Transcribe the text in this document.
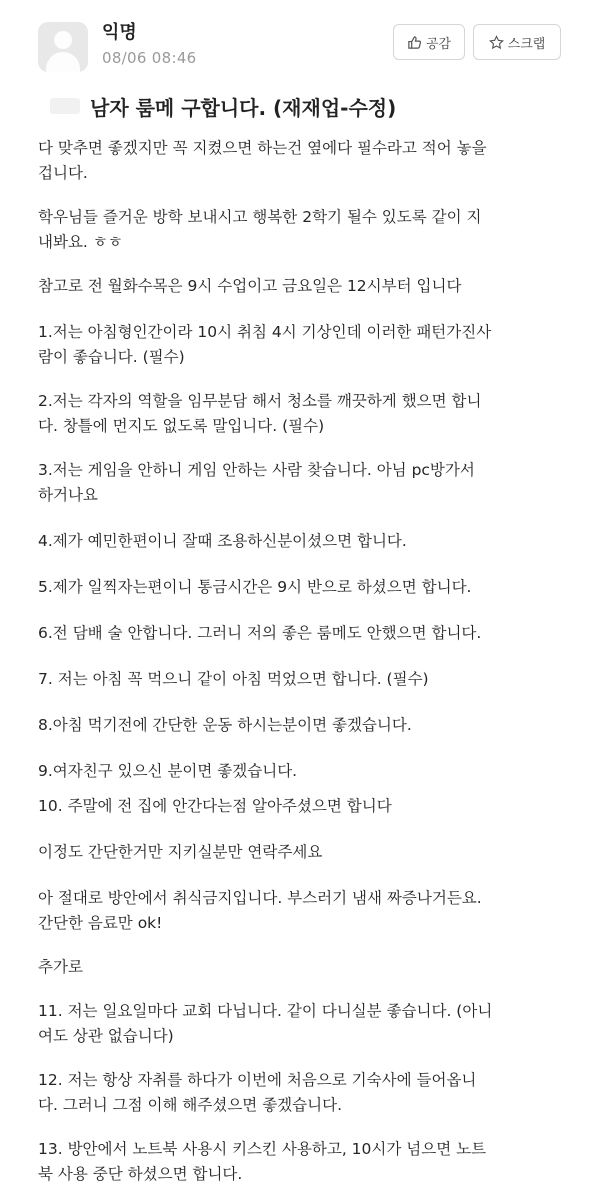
익명
08/06 08:46
공감	스크랩
남자 룸메 구합니다. (재재업-수정)

다 맞추면 좋겠지만 꼭 지켰으면 하는건 옆에다 필수라고 적어 놓을
겁니다.

학우님들 즐거운 방학 보내시고 행복한 2학기 될수 있도록 같이 지
내봐요. ㅎㅎ

참고로 전 월화수목은 9시 수업이고 금요일은 12시부터 입니다

1.저는 아침형인간이라 10시 취침 4시 기상인데 이러한 패턴가진사
람이 좋습니다. (필수)

2.저는 각자의 역할을 임무분담 해서 청소를 깨끗하게 했으면 합니
다. 창틀에 먼지도 없도록 말입니다. (필수)

3.저는 게임을 안하니 게임 안하는 사람 찾습니다. 아님 pc방가서
하거나요

4.제가 예민한편이니 잘때 조용하신분이셨으면 합니다.

5.제가 일찍자는편이니 통금시간은 9시 반으로 하셨으면 합니다.

6.전 담배 술 안합니다. 그러니 저의 좋은 룸메도 안했으면 합니다.

7. 저는 아침 꼭 먹으니 같이 아침 먹었으면 합니다. (필수)

8.아침 먹기전에 간단한 운동 하시는분이면 좋겠습니다.

9.여자친구 있으신 분이면 좋겠습니다.

10. 주말에 전 집에 안간다는점 알아주셨으면 합니다

이정도 간단한거만 지키실분만 연락주세요

아 절대로 방안에서 취식금지입니다. 부스러기 냄새 짜증나거든요.
간단한 음료만 ok!

추가로

11. 저는 일요일마다 교회 다닙니다. 같이 다니실분 좋습니다. (아니
여도 상관 없습니다)

12. 저는 항상 자취를 하다가 이번에 처음으로 기숙사에 들어옵니
다. 그러니 그점 이해 해주셨으면 좋겠습니다.

13. 방안에서 노트북 사용시 키스킨 사용하고, 10시가 넘으면 노트
북 사용 중단 하셨으면 합니다.
